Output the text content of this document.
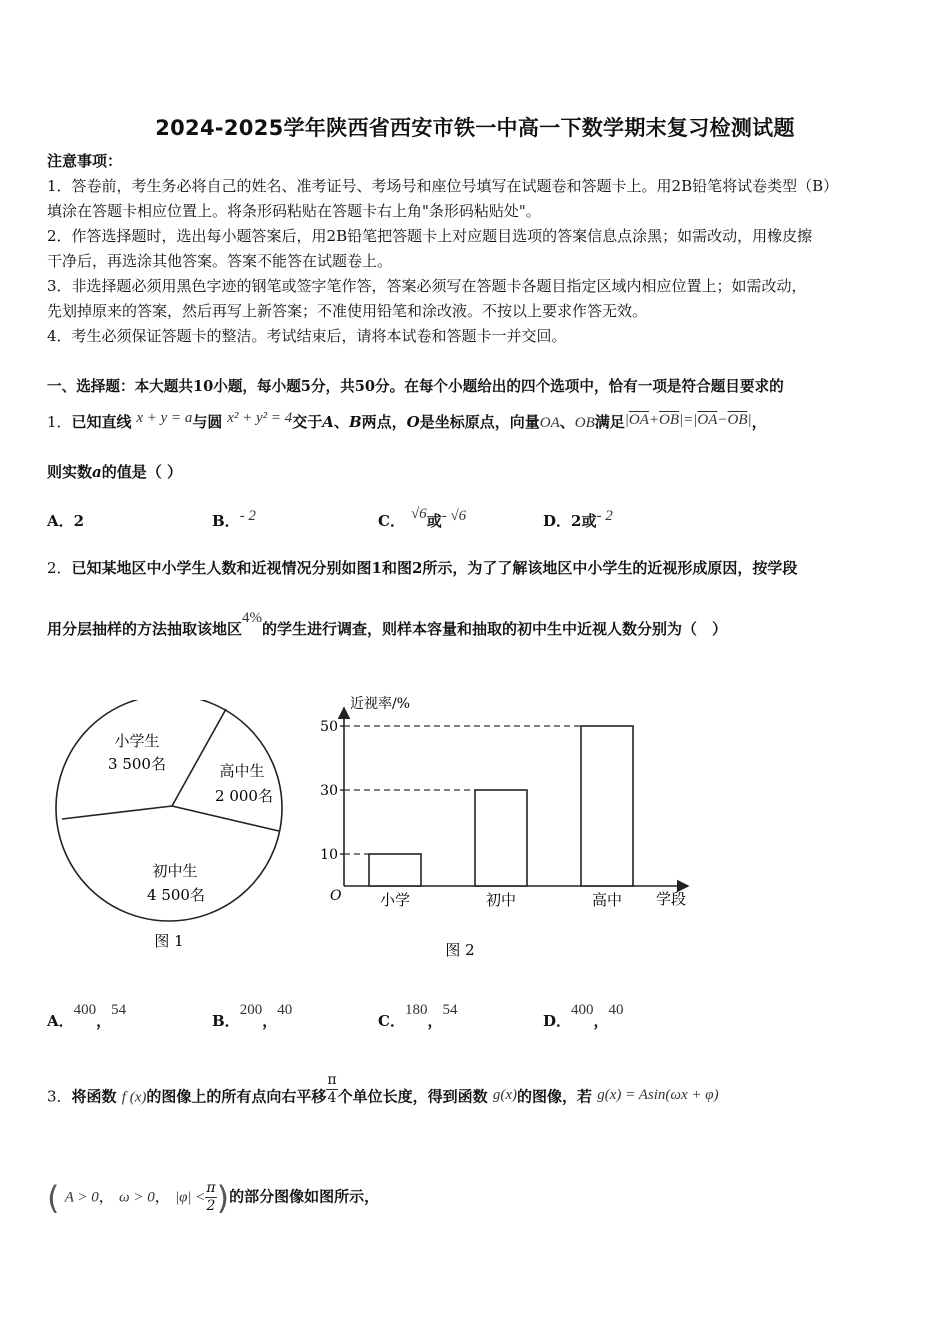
2024-2025学年陕西省西安市铁一中高一下数学期末复习检测试题
注意事项：
1．答卷前，考生务必将自己的姓名、准考证号、考场号和座位号填写在试题卷和答题卡上。用2B铅笔将试卷类型（B）
填涂在答题卡相应位置上。将条形码粘贴在答题卡右上角"条形码粘贴处"。
2．作答选择题时，选出每小题答案后，用2B铅笔把答题卡上对应题目选项的答案信息点涂黑；如需改动，用橡皮擦
干净后，再选涂其他答案。答案不能答在试题卷上。
3．非选择题必须用黑色字迹的钢笔或签字笔作答，答案必须写在答题卡各题目指定区域内相应位置上；如需改动，
先划掉原来的答案，然后再写上新答案；不准使用铅笔和涂改液。不按以上要求作答无效。
4．考生必须保证答题卡的整洁。考试结束后，请将本试卷和答题卡一并交回。
一、选择题：本大题共10小题，每小题5分，共50分。在每个小题给出的四个选项中，恰有一项是符合题目要求的
1．已知直线 x + y = a与圆 x² + y² = 4交于A、B两点，O是坐标原点，向量OA、OB满足$|\overline{OA}+\overline{OB}|=|\overline{OA}-\overline{OB}|$，
则实数a的值是（ ）
A．2	B．- 2	C． √6或- √6	D．2或- 2
2．已知某地区中小学生人数和近视情况分别如图1和图2所示，为了了解该地区中小学生的近视形成原因，按学段
用分层抽样的方法抽取该地区4%的学生进行调查，则样本容量和抽取的初中生中近视人数分别为（　）
小学生
3 500名	高中生
2 000名
初中生
4 500名
图 1
近视率/%
学段
O
10
30
50
小学	初中	高中
图 2
A．400，54
B．200，40
C．180，54
D．400，40
3．将函数 f (x)的图像上的所有点向右平移 $\frac{\pi}{4}$ 个单位长度，得到函数 g(x)的图像，若 g(x) = Asin(ωx + φ)
( A > 0， ω > 0， $|\varphi| < \frac{\pi}{2}$ )的部分图像如图所示，
